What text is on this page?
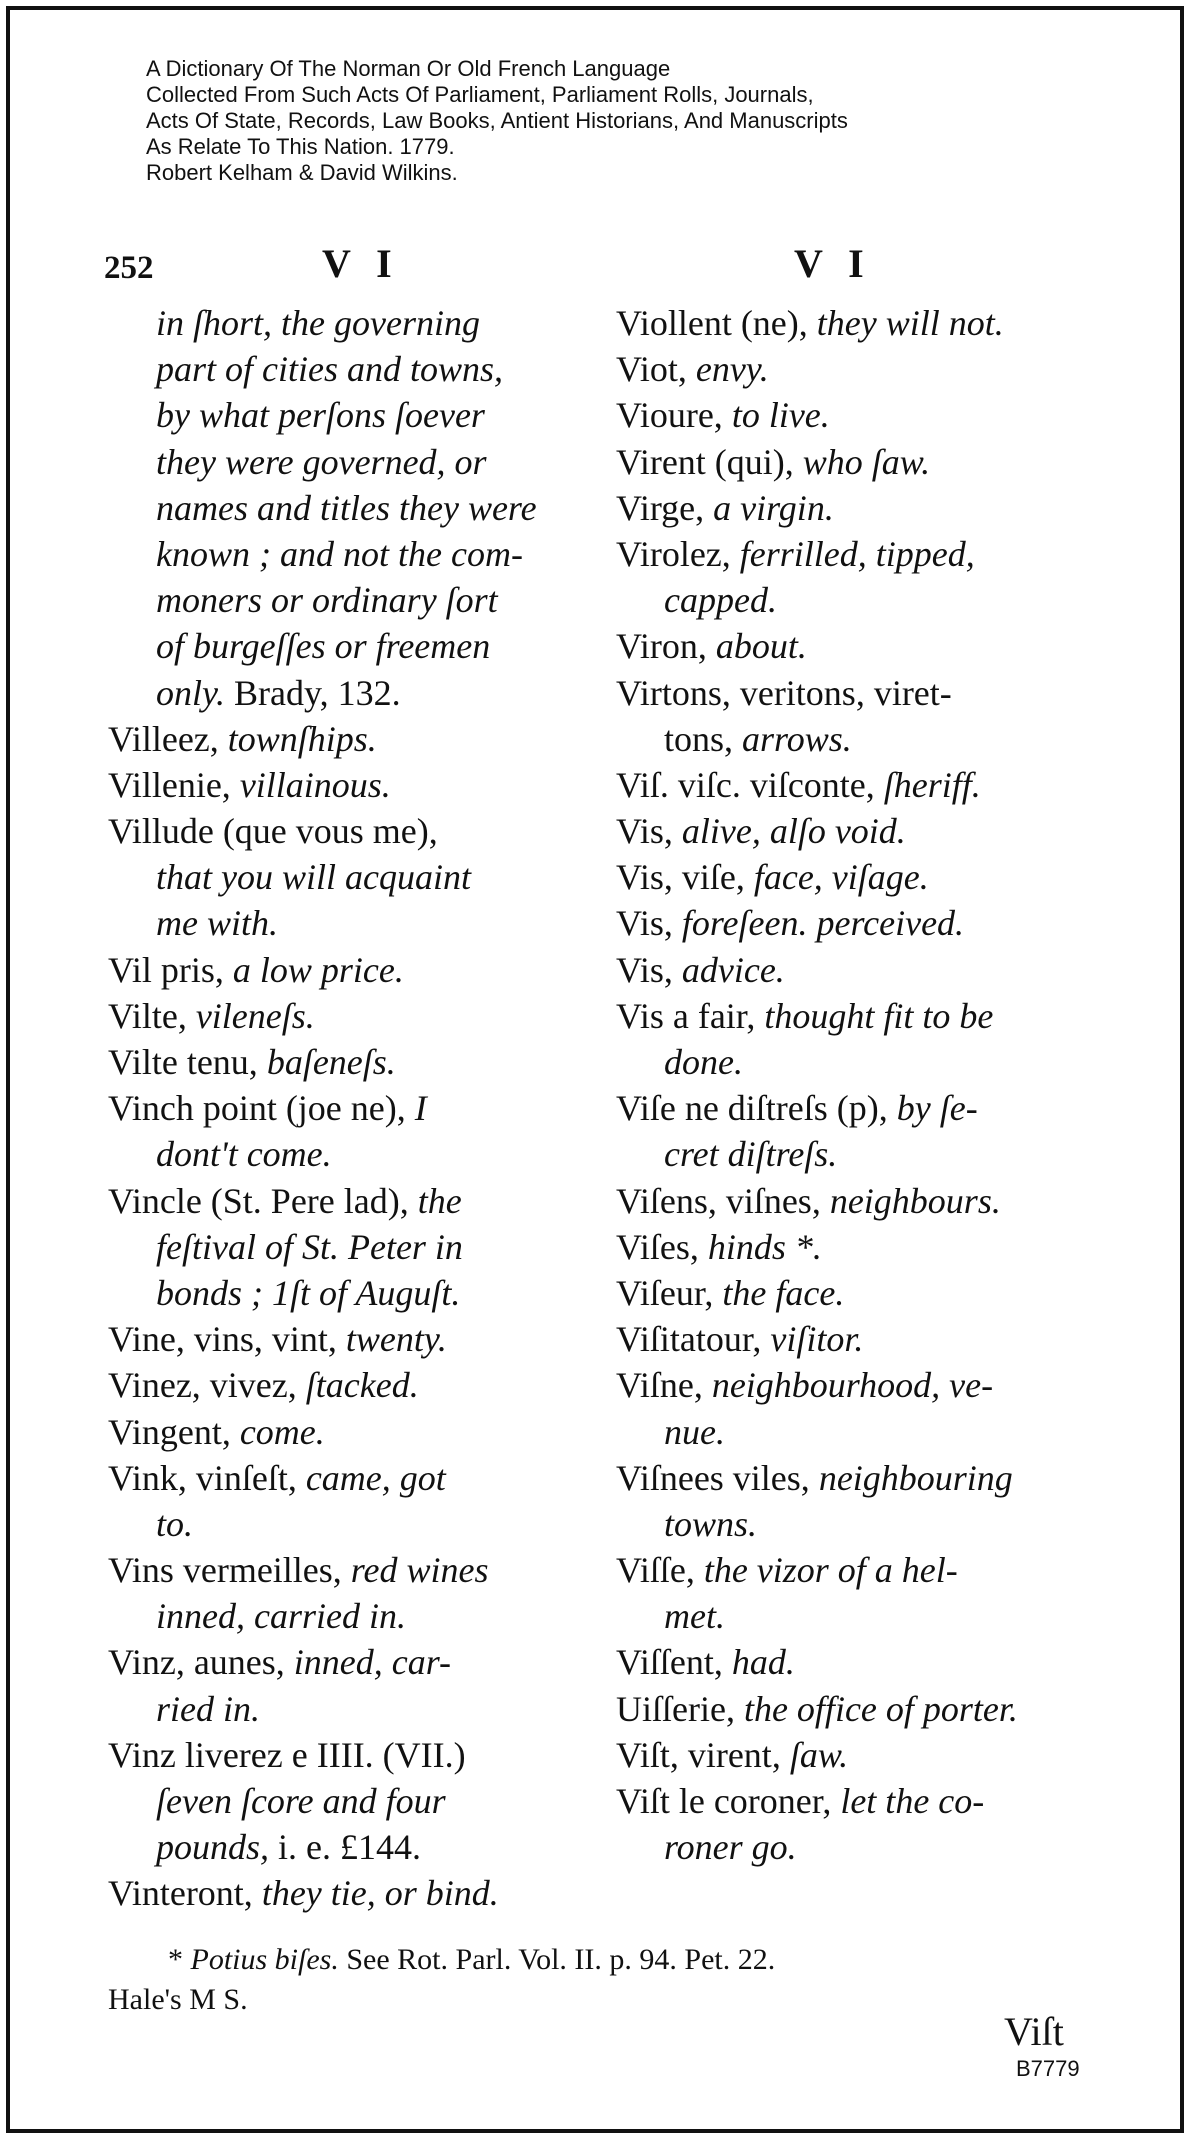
A Dictionary Of The Norman Or Old French Language
Collected From Such Acts Of Parliament, Parliament Rolls, Journals,
Acts Of State, Records, Law Books, Antient Historians, And Manuscripts
As Relate To This Nation. 1779.
Robert Kelham & David Wilkins.
252	V I	V I
in ſhort, the governing
part of cities and towns,
by what perſons ſoever
they were governed, or
names and titles they were
known ; and not the com-
moners or ordinary ſort
of burgeſſes or freemen
only. Brady, 132.
Villeez, townſhips.
Villenie, villainous.
Villude (que vous me),
that you will acquaint
me with.
Vil pris, a low price.
Vilte, vileneſs.
Vilte tenu, baſeneſs.
Vinch point (joe ne), I
dont't come.
Vincle (St. Pere lad), the
feſtival of St. Peter in
bonds ; 1ſt of Auguſt.
Vine, vins, vint, twenty.
Vinez, vivez, ſtacked.
Vingent, come.
Vink, vinſeſt, came, got
to.
Vins vermeilles, red wines
inned, carried in.
Vinz, aunes, inned, car-
ried in.
Vinz liverez e IIII. (VII.)
ſeven ſcore and four
pounds, i. e. £144.
Vinteront, they tie, or bind.
Viollent (ne), they will not.
Viot, envy.
Vioure, to live.
Virent (qui), who ſaw.
Virge, a virgin.
Virolez, ferrilled, tipped,
capped.
Viron, about.
Virtons, veritons, viret-
tons, arrows.
Viſ. viſc. viſconte, ſheriff.
Vis, alive, alſo void.
Vis, viſe, face, viſage.
Vis, foreſeen. perceived.
Vis, advice.
Vis a fair, thought fit to be
done.
Viſe ne diſtreſs (p), by ſe-
cret diſtreſs.
Viſens, viſnes, neighbours.
Viſes, hinds *.
Viſeur, the face.
Viſitatour, viſitor.
Viſne, neighbourhood, ve-
nue.
Viſnees viles, neighbouring
towns.
Viſſe, the vizor of a hel-
met.
Viſſent, had.
Uiſſerie, the office of porter.
Viſt, virent, ſaw.
Viſt le coroner, let the co-
roner go.
* Potius biſes. See Rot. Parl. Vol. II. p. 94. Pet. 22.
Hale's M S.
Viſt
B7779
